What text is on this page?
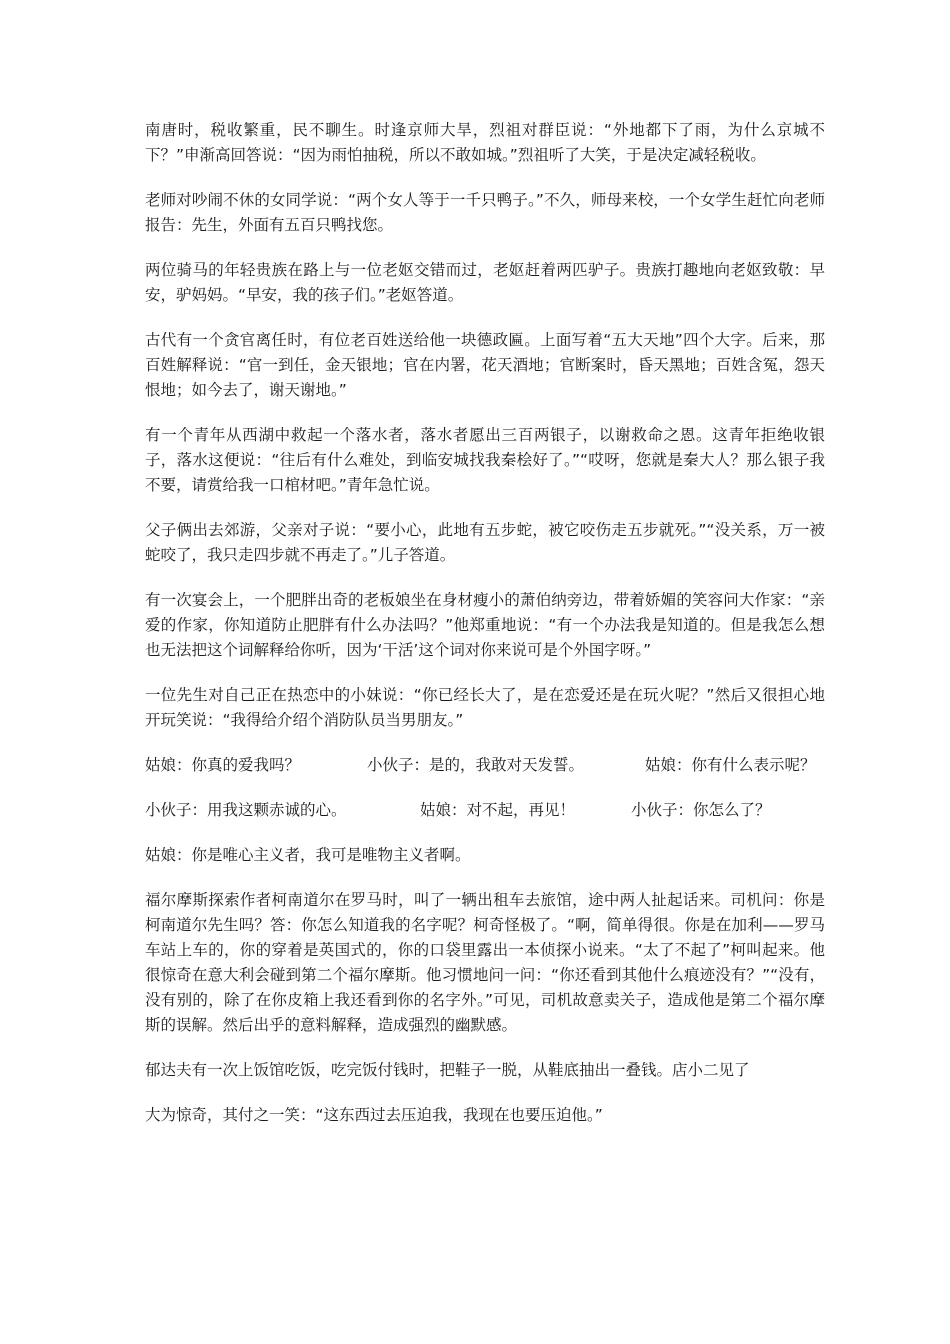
南唐时，税收繁重，民不聊生。时逢京师大旱，烈祖对群臣说：“外地都下了雨，为什么京城不下？”申渐高回答说：“因为雨怕抽税，所以不敢如城。”烈祖听了大笑，于是决定减轻税收。

老师对吵闹不休的女同学说：“两个女人等于一千只鸭子。”不久，师母来校，一个女学生赶忙向老师报告：先生，外面有五百只鸭找您。

两位骑马的年轻贵族在路上与一位老妪交错而过，老妪赶着两匹驴子。贵族打趣地向老妪致敬：早安，驴妈妈。“早安，我的孩子们。”老妪答道。

古代有一个贪官离任时，有位老百姓送给他一块德政匾。上面写着“五大天地”四个大字。后来，那百姓解释说：“官一到任，金天银地；官在内署，花天酒地；官断案时，昏天黑地；百姓含冤，怨天恨地；如今去了，谢天谢地。”

有一个青年从西湖中救起一个落水者，落水者愿出三百两银子，以谢救命之恩。这青年拒绝收银子，落水这便说：“往后有什么难处，到临安城找我秦桧好了。”“哎呀，您就是秦大人？那么银子我不要，请赏给我一口棺材吧。”青年急忙说。

父子俩出去郊游，父亲对子说：“要小心，此地有五步蛇，被它咬伤走五步就死。”“没关系，万一被蛇咬了，我只走四步就不再走了。”儿子答道。

有一次宴会上，一个肥胖出奇的老板娘坐在身材瘦小的萧伯纳旁边，带着娇媚的笑容问大作家：“亲爱的作家，你知道防止肥胖有什么办法吗？”他郑重地说：“有一个办法我是知道的。但是我怎么想也无法把这个词解释给你听，因为‘干活’这个词对你来说可是个外国字呀。”

一位先生对自己正在热恋中的小妹说：“你已经长大了，是在恋爱还是在玩火呢？”然后又很担心地开玩笑说：“我得给介绍个消防队员当男朋友。”

姑娘：你真的爱我吗？	小伙子：是的，我敢对天发誓。	姑娘：你有什么表示呢？
小伙子：用我这颗赤诚的心。	姑娘：对不起，再见！	小伙子：你怎么了？

姑娘：你是唯心主义者，我可是唯物主义者啊。

福尔摩斯探索作者柯南道尔在罗马时，叫了一辆出租车去旅馆，途中两人扯起话来。司机问：你是柯南道尔先生吗？答：你怎么知道我的名字呢？柯奇怪极了。“啊，简单得很。你是在加利——罗马车站上车的，你的穿着是英国式的，你的口袋里露出一本侦探小说来。“太了不起了”柯叫起来。他很惊奇在意大利会碰到第二个福尔摩斯。他习惯地问一问：“你还看到其他什么痕迹没有？”“没有，没有别的，除了在你皮箱上我还看到你的名字外。”可见，司机故意卖关子，造成他是第二个福尔摩斯的误解。然后出乎的意料解释，造成强烈的幽默感。

郁达夫有一次上饭馆吃饭，吃完饭付钱时，把鞋子一脱，从鞋底抽出一叠钱。店小二见了

大为惊奇，其付之一笑：“这东西过去压迫我，我现在也要压迫他。”
